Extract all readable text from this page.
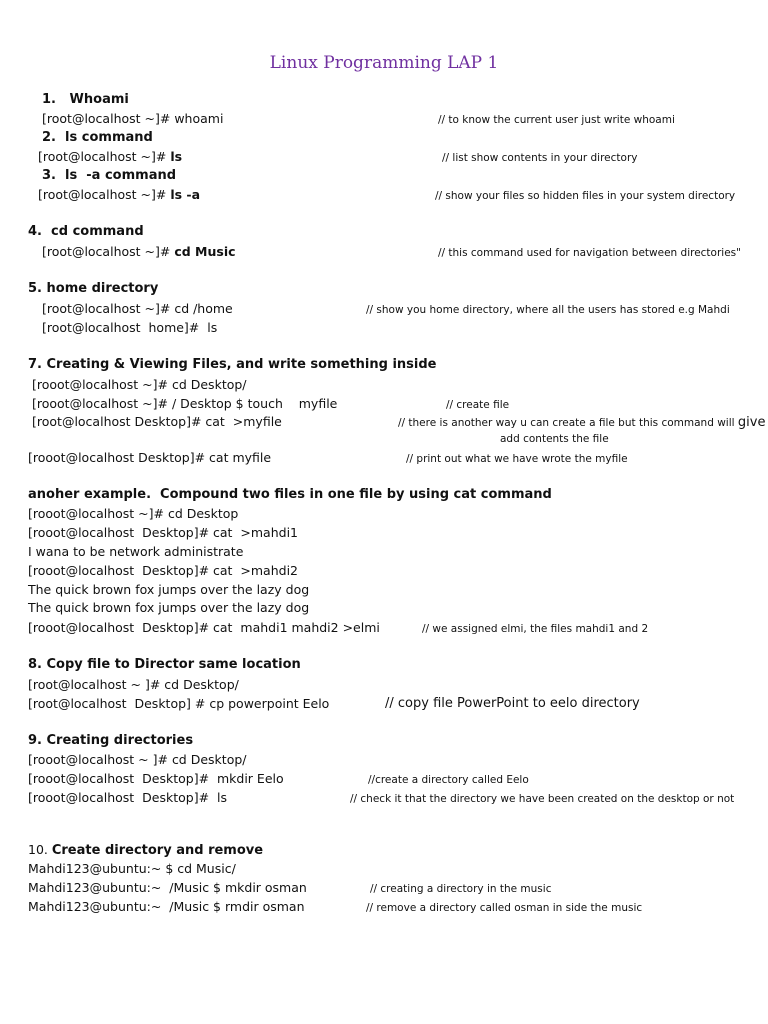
Linux Programming LAP 1
1.   Whoami
[root@localhost ~]# whoami	// to know the current user just write whoami
2.  ls command
[root@localhost ~]# ls	// list show contents in your directory
3.  ls  -a command
[root@localhost ~]# ls -a	// show your files so hidden files in your system directory
4.  cd command
[root@localhost ~]# cd Music	// this command used for navigation between directories"
5. home directory
[root@localhost ~]# cd /home	// show you home directory, where all the users has stored e.g Mahdi
[root@localhost  home]#  ls
7. Creating & Viewing Files, and write something inside
[rooot@localhost ~]# cd Desktop/
[rooot@localhost ~]# / Desktop $ touch    myfile	// create file
[root@localhost Desktop]# cat  >myfile	// there is another way u can create a file but this command will give
add contents the file
[rooot@localhost Desktop]# cat myfile	// print out what we have wrote the myfile
anoher example.  Compound two files in one file by using cat command
[rooot@localhost ~]# cd Desktop
[rooot@localhost  Desktop]# cat  >mahdi1
I wana to be network administrate
[rooot@localhost  Desktop]# cat  >mahdi2
The quick brown fox jumps over the lazy dog
The quick brown fox jumps over the lazy dog
[rooot@localhost  Desktop]# cat  mahdi1 mahdi2 >elmi	// we assigned elmi, the files mahdi1 and 2
8. Copy file to Director same location
[root@localhost ~ ]# cd Desktop/
[root@localhost  Desktop] # cp powerpoint Eelo	// copy file PowerPoint to eelo directory
9. Creating directories
[rooot@localhost ~ ]# cd Desktop/
[rooot@localhost  Desktop]#  mkdir Eelo	//create a directory called Eelo
[rooot@localhost  Desktop]#  ls	// check it that the directory we have been created on the desktop or not
10. Create directory and remove
Mahdi123@ubuntu:~ $ cd Music/
Mahdi123@ubuntu:~  /Music $ mkdir osman	// creating a directory in the music
Mahdi123@ubuntu:~  /Music $ rmdir osman	// remove a directory called osman in side the music
